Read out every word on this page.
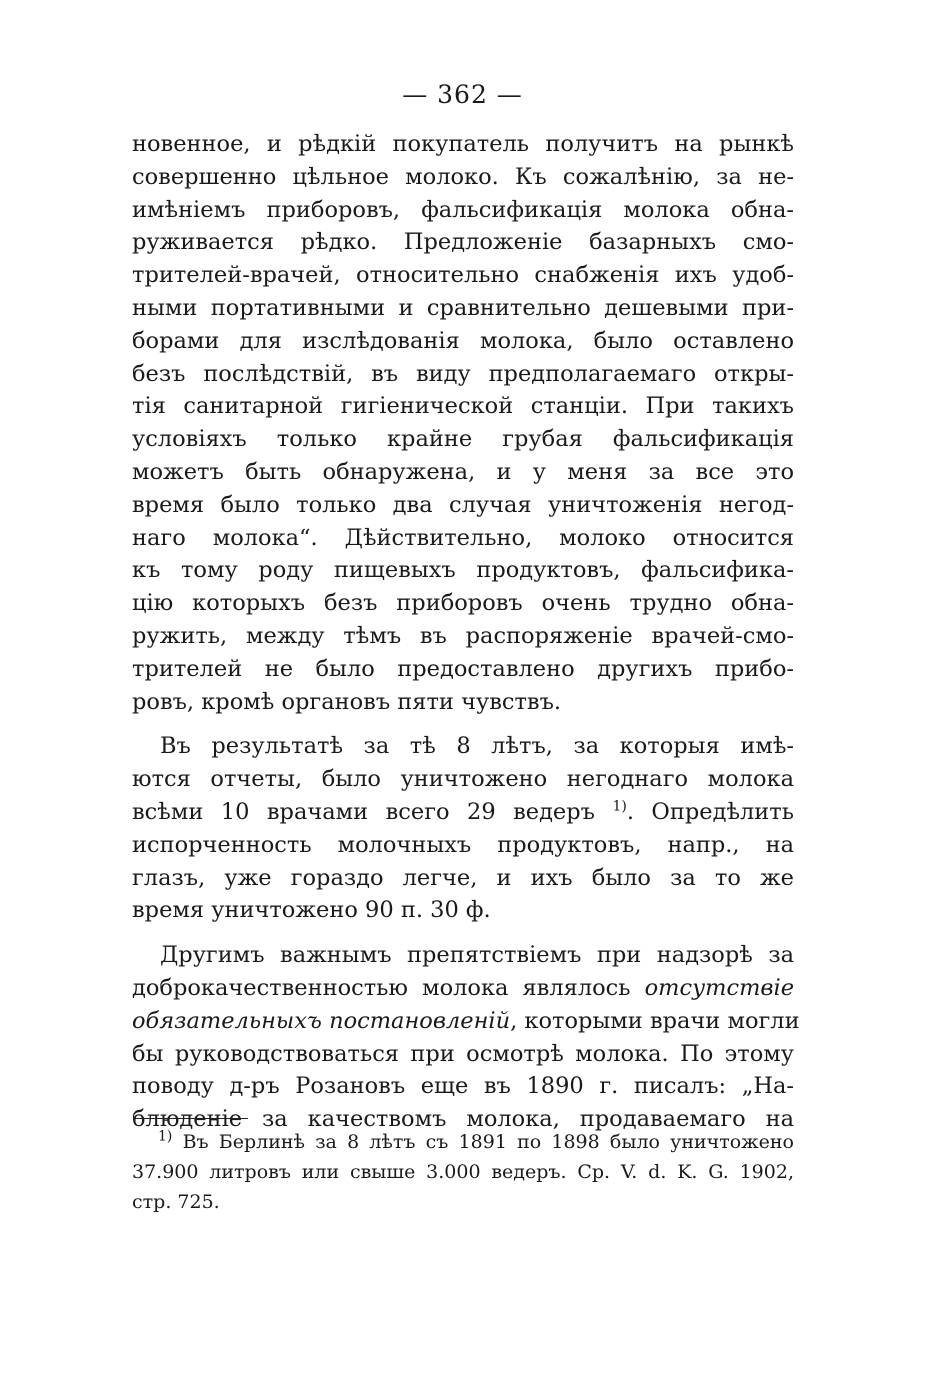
— 362 —
новенное, и рѣдкій покупатель получитъ на рынкѣ
совершенно цѣльное молоко. Къ сожалѣнію, за не-
имѣніемъ приборовъ, фальсификація молока обна-
руживается рѣдко. Предложеніе базарныхъ смо-
трителей-врачей, относительно снабженія ихъ удоб-
ными портативными и сравнительно дешевыми при-
борами для изслѣдованія молока, было оставлено
безъ послѣдствій, въ виду предполагаемаго откры-
тія санитарной гигіенической станціи. При такихъ
условіяхъ только крайне грубая фальсификація
можетъ быть обнаружена, и у меня за все это
время было только два случая уничтоженія негод-
наго молока“. Дѣйствительно, молоко относится
къ тому роду пищевыхъ продуктовъ, фальсифика-
цію которыхъ безъ приборовъ очень трудно обна-
ружить, между тѣмъ въ распоряженіе врачей-смо-
трителей не было предоставлено другихъ прибо-
ровъ, кромѣ органовъ пяти чувствъ.
Въ результатѣ за тѣ 8 лѣтъ, за которыя имѣ-
ются отчеты, было уничтожено негоднаго молока
всѣми 10 врачами всего 29 ведеръ $^{1)}$. Опредѣлить
испорченность молочныхъ продуктовъ, напр., на
глазъ, уже гораздо легче, и ихъ было за то же
время уничтожено 90 п. 30 ф.
Другимъ важнымъ препятствіемъ при надзорѣ за
доброкачественностью молока являлось отсутствіе
обязательныхъ постановленій, которыми врачи могли
бы руководствоваться при осмотрѣ молока. По этому
поводу д-ръ Розановъ еще въ 1890 г. писалъ: „На-
блюденіе за качествомъ молока, продаваемаго на
$^{1)}$ Въ Берлинѣ за 8 лѣтъ съ 1891 по 1898 было уничтожено
37.900 литровъ или свыше 3.000 ведеръ. Ср. V. d. K. G. 1902,
стр. 725.
